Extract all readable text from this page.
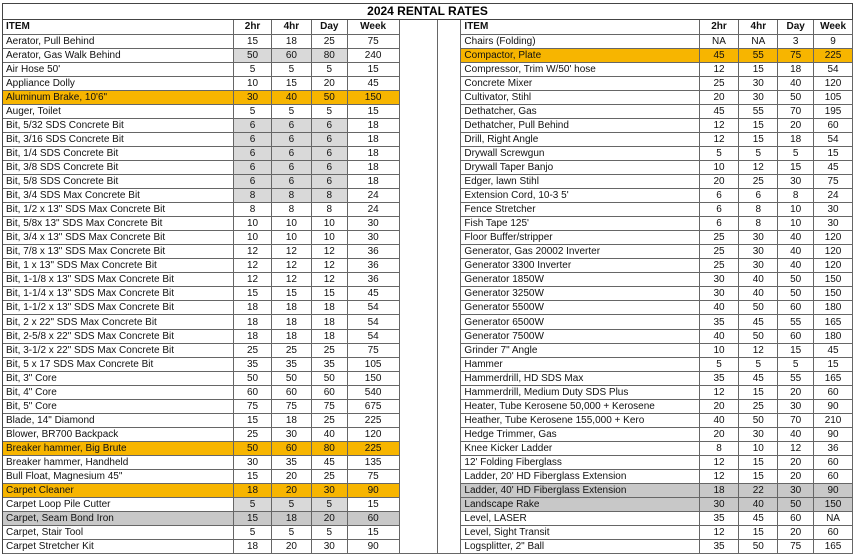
2024 RENTAL RATES
ITEM	2hr	4hr	Day	Week
Aerator, Pull Behind	15	18	25	75
Aerator, Gas Walk Behind	50	60	80	240
Air Hose 50'	5	5	5	15
Appliance Dolly	10	15	20	45
Aluminum Brake, 10'6"	30	40	50	150
Auger, Toilet	5	5	5	15
Bit, 5/32 SDS Concrete Bit	6	6	6	18
Bit, 3/16 SDS Concrete Bit	6	6	6	18
Bit, 1/4 SDS Concrete Bit	6	6	6	18
Bit, 3/8 SDS Concrete Bit	6	6	6	18
Bit, 5/8 SDS Concrete Bit	6	6	6	18
Bit, 3/4 SDS Max Concrete Bit	8	8	8	24
Bit, 1/2 x 13" SDS Max Concrete Bit	8	8	8	24
Bit, 5/8x 13" SDS Max Concrete Bit	10	10	10	30
Bit, 3/4 x 13" SDS Max Concrete Bit	10	10	10	30
Bit, 7/8 x 13" SDS Max Concrete Bit	12	12	12	36
Bit, 1 x 13" SDS Max Concrete Bit	12	12	12	36
Bit, 1-1/8 x 13" SDS Max Concrete Bit	12	12	12	36
Bit, 1-1/4 x 13" SDS Max Concrete Bit	15	15	15	45
Bit, 1-1/2 x 13" SDS Max Concrete Bit	18	18	18	54
Bit, 2 x 22" SDS Max Concrete Bit	18	18	18	54
Bit, 2-5/8 x 22" SDS Max Concrete Bit	18	18	18	54
Bit, 3-1/2 x 22" SDS Max Concrete Bit	25	25	25	75
Bit, 5 x 17 SDS Max Concrete Bit	35	35	35	105
Bit, 3" Core	50	50	50	150
Bit, 4" Core	60	60	60	540
Bit, 5" Core	75	75	75	675
Blade, 14" Diamond	15	18	25	225
Blower, BR700 Backpack	25	30	40	120
Breaker hammer, Big Brute	50	60	80	225
Breaker hammer, Handheld	30	35	45	135
Bull Float, Magnesium 45"	15	20	25	75
Carpet Cleaner	18	20	30	90
Carpet Loop Pile Cutter	5	5	5	15
Carpet, Seam Bond Iron	15	18	20	60
Carpet, Stair Tool	5	5	5	15
Carpet Stretcher Kit	18	20	30	90
ITEM	2hr	4hr	Day	Week
Chairs (Folding)	NA	NA	3	9
Compactor, Plate	45	55	75	225
Compressor, Trim W/50' hose	12	15	18	54
Concrete Mixer	25	30	40	120
Cultivator, Stihl	20	30	50	105
Dethatcher, Gas	45	55	70	195
Dethatcher, Pull Behind	12	15	20	60
Drill, Right Angle	12	15	18	54
Drywall Screwgun	5	5	5	15
Drywall Taper Banjo	10	12	15	45
Edger, lawn Stihl	20	25	30	75
Extension Cord, 10-3 5'	6	6	8	24
Fence Stretcher	6	8	10	30
Fish Tape 125'	6	8	10	30
Floor Buffer/stripper	25	30	40	120
Generator, Gas 20002 Inverter	25	30	40	120
Generator 3300 Inverter	25	30	40	120
Generator 1850W	30	40	50	150
Generator 3250W	30	40	50	150
Generator 5500W	40	50	60	180
Generator 6500W	35	45	55	165
Generator 7500W	40	50	60	180
Grinder 7" Angle	10	12	15	45
Hammer	5	5	5	15
Hammerdrill, HD SDS Max	35	45	55	165
Hammerdrill, Medium Duty SDS Plus	12	15	20	60
Heater, Tube Kerosene 50,000 + Kerosene	20	25	30	90
Heather, Tube Kerosene 155,000 + Kero	40	50	70	210
Hedge Trimmer, Gas	20	30	40	90
Knee Kicker Ladder	8	10	12	36
12' Folding Fiberglass	12	15	20	60
Ladder, 20' HD Fiberglass Extension	12	15	20	60
Ladder, 40' HD Fiberglass Extension	18	22	30	90
Landscape Rake	30	40	50	150
Level, LASER	35	45	60	NA
Level, Sight Transit	12	15	20	60
Logsplitter, 2" Ball	35	50	75	165
